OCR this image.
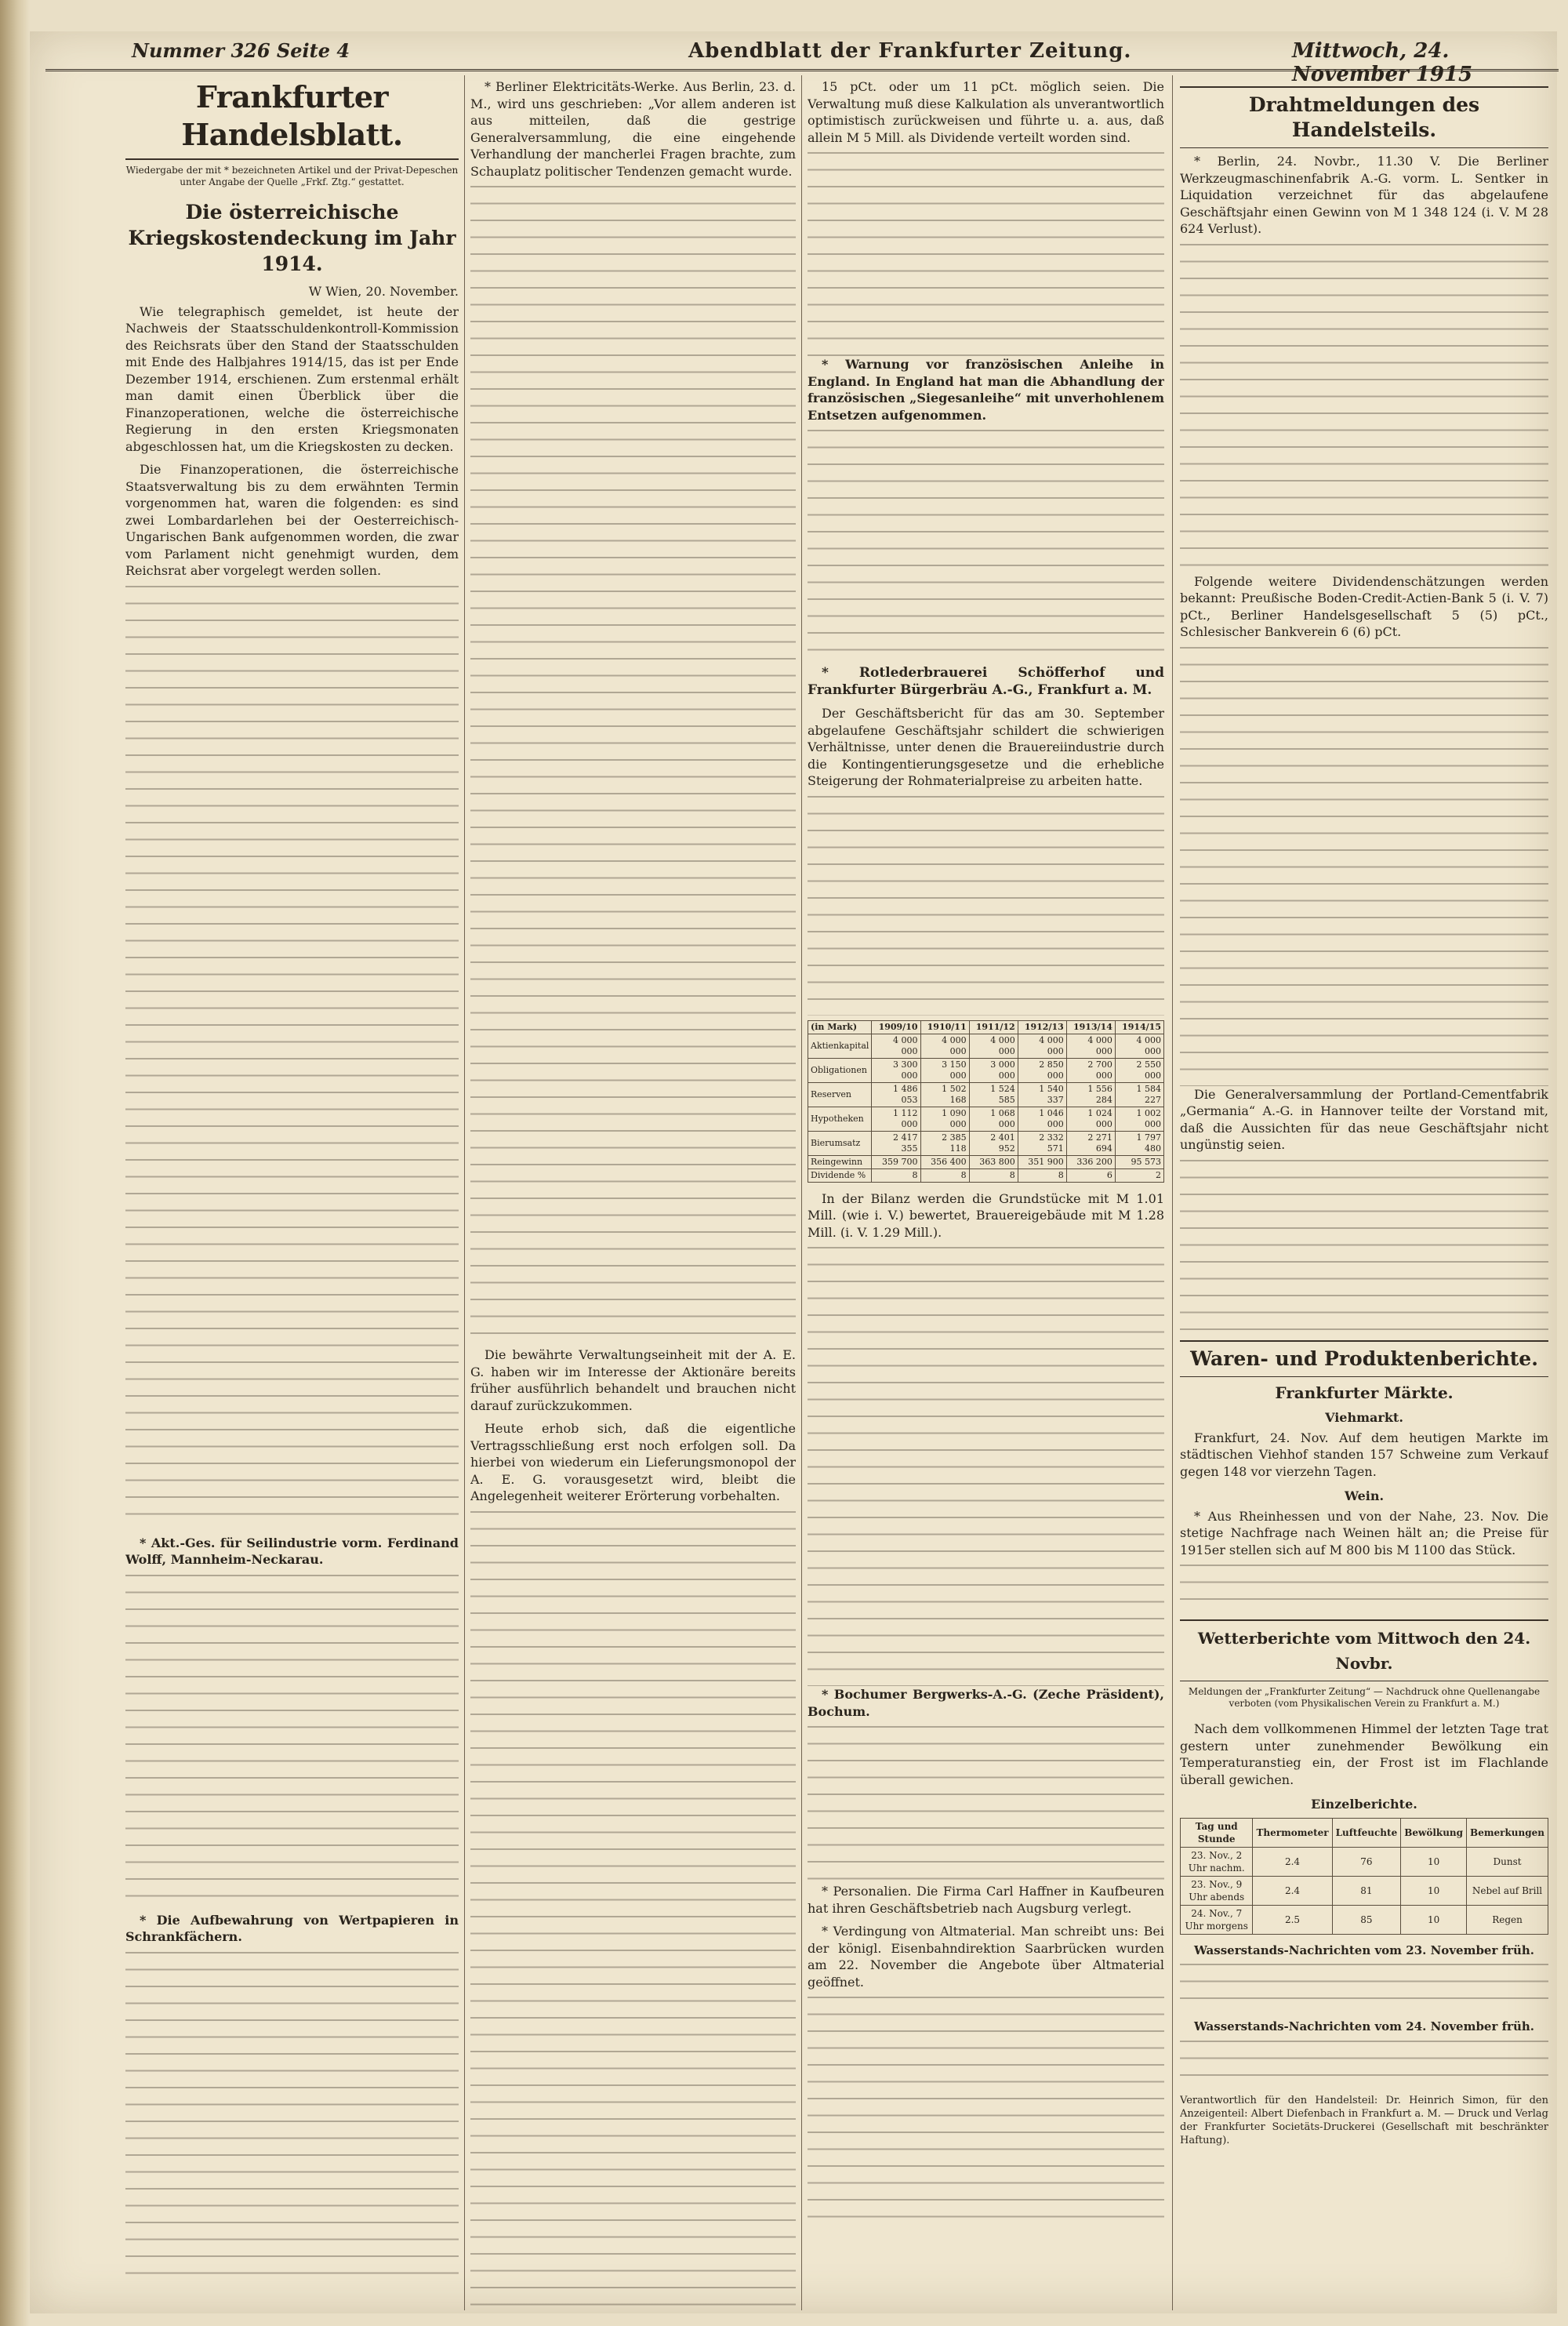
Nummer 326 Seite 4	Abendblatt der Frankfurter Zeitung.	Mittwoch, 24. November 1915
Frankfurter Handelsblatt.
Wiedergabe der mit * bezeichneten Artikel und der Privat-Depeschen unter Angabe der Quelle „Frkf. Ztg.“ gestattet.
Die österreichische Kriegskostendeckung im Jahr 1914.
W Wien, 20. November.

Wie telegraphisch gemeldet, ist heute der Nachweis der Staatsschuldenkontroll-Kommission des Reichsrats über den Stand der Staatsschulden mit Ende des Halbjahres 1914/15, das ist per Ende Dezember 1914, erschienen. Zum erstenmal erhält man damit einen Überblick über die Finanzoperationen, welche die österreichische Regierung in den ersten Kriegsmonaten abgeschlossen hat, um die Kriegskosten zu decken.

Die Finanzoperationen, die österreichische Staatsverwaltung bis zu dem erwähnten Termin vorgenommen hat, waren die folgenden: es sind zwei Lombardarlehen bei der Oesterreichisch-Ungarischen Bank aufgenommen worden, die zwar vom Parlament nicht genehmigt wurden, dem Reichsrat aber vorgelegt werden sollen.

* Akt.-Ges. für Seilindustrie vorm. Ferdinand Wolff, Mannheim-Neckarau.

* Die Aufbewahrung von Wertpapieren in Schrankfächern.

* Berliner Elektricitäts-Werke. Aus Berlin, 23. d. M., wird uns geschrieben: „Vor allem anderen ist aus mitteilen, daß die gestrige Generalversammlung, die eine eingehende Verhandlung der mancherlei Fragen brachte, zum Schauplatz politischer Tendenzen gemacht wurde.

Die bewährte Verwaltungseinheit mit der A. E. G. haben wir im Interesse der Aktionäre bereits früher ausführlich behandelt und brauchen nicht darauf zurückzukommen.

Heute erhob sich, daß die eigentliche Vertragsschließung erst noch erfolgen soll. Da hierbei von wiederum ein Lieferungsmonopol der A. E. G. vorausgesetzt wird, bleibt die Angelegenheit weiterer Erörterung vorbehalten.

15 pCt. oder um 11 pCt. möglich seien. Die Verwaltung muß diese Kalkulation als unverantwortlich optimistisch zurückweisen und führte u. a. aus, daß allein M 5 Mill. als Dividende verteilt worden sind.

* Warnung vor französischen Anleihe in England. In England hat man die Abhandlung der französischen „Siegesanleihe“ mit unverhohlenem Entsetzen aufgenommen.

* Rotlederbrauerei Schöfferhof und Frankfurter Bürgerbräu A.-G., Frankfurt a. M.

Der Geschäftsbericht für das am 30. September abgelaufene Geschäftsjahr schildert die schwierigen Verhältnisse, unter denen die Brauereiindustrie durch die Kontingentierungsgesetze und die erhebliche Steigerung der Rohmaterialpreise zu arbeiten hatte.

(in Mark)	1909/10	1910/11	1911/12	1912/13	1913/14	1914/15
Aktienkapital	4 000 000	4 000 000	4 000 000	4 000 000	4 000 000	4 000 000
Obligationen	3 300 000	3 150 000	3 000 000	2 850 000	2 700 000	2 550 000
Reserven	1 486 053	1 502 168	1 524 585	1 540 337	1 556 284	1 584 227
Hypotheken	1 112 000	1 090 000	1 068 000	1 046 000	1 024 000	1 002 000
Bierumsatz	2 417 355	2 385 118	2 401 952	2 332 571	2 271 694	1 797 480
Reingewinn	359 700	356 400	363 800	351 900	336 200	95 573
Dividende %	8	8	8	8	6	2

In der Bilanz werden die Grundstücke mit M 1.01 Mill. (wie i. V.) bewertet, Brauereigebäude mit M 1.28 Mill. (i. V. 1.29 Mill.).

* Bochumer Bergwerks-A.-G. (Zeche Präsident), Bochum.

* Personalien. Die Firma Carl Haffner in Kaufbeuren hat ihren Geschäftsbetrieb nach Augsburg verlegt.

* Verdingung von Altmaterial. Man schreibt uns: Bei der königl. Eisenbahndirektion Saarbrücken wurden am 22. November die Angebote über Altmaterial geöffnet.

Drahtmeldungen des Handelsteils.

* Berlin, 24. Novbr., 11.30 V. Die Berliner Werkzeugmaschinenfabrik A.-G. vorm. L. Sentker in Liquidation verzeichnet für das abgelaufene Geschäftsjahr einen Gewinn von M 1 348 124 (i. V. M 28 624 Verlust).

Folgende weitere Dividendenschätzungen werden bekannt: Preußische Boden-Credit-Actien-Bank 5 (i. V. 7) pCt., Berliner Handelsgesellschaft 5 (5) pCt., Schlesischer Bankverein 6 (6) pCt.

Die Generalversammlung der Portland-Cementfabrik „Germania“ A.-G. in Hannover teilte der Vorstand mit, daß die Aussichten für das neue Geschäftsjahr nicht ungünstig seien.

Waren- und Produktenberichte.
Frankfurter Märkte.
Viehmarkt.

Frankfurt, 24. Nov. Auf dem heutigen Markte im städtischen Viehhof standen 157 Schweine zum Verkauf gegen 148 vor vierzehn Tagen.

Wein.

* Aus Rheinhessen und von der Nahe, 23. Nov. Die stetige Nachfrage nach Weinen hält an; die Preise für 1915er stellen sich auf M 800 bis M 1100 das Stück.

Wetterberichte vom Mittwoch den 24. Novbr.
Meldungen der „Frankfurter Zeitung“ — Nachdruck ohne Quellenangabe verboten (vom Physikalischen Verein zu Frankfurt a. M.)

Nach dem vollkommenen Himmel der letzten Tage trat gestern unter zunehmender Bewölkung ein Temperaturanstieg ein, der Frost ist im Flachlande überall gewichen.

Einzelberichte.
Tag und Stunde	Thermometer	Luftfeuchte	Bewölkung	Bemerkungen
23. Nov., 2 Uhr nachm.	2.4	76	10	Dunst
23. Nov., 9 Uhr abends	2.4	81	10	Nebel auf Brill
24. Nov., 7 Uhr morgens	2.5	85	10	Regen
Wasserstands-Nachrichten vom 23. November früh.
Wasserstands-Nachrichten vom 24. November früh.

Verantwortlich für den Handelsteil: Dr. Heinrich Simon, für den Anzeigenteil: Albert Diefenbach in Frankfurt a. M. — Druck und Verlag der Frankfurter Societäts-Druckerei (Gesellschaft mit beschränkter Haftung).
